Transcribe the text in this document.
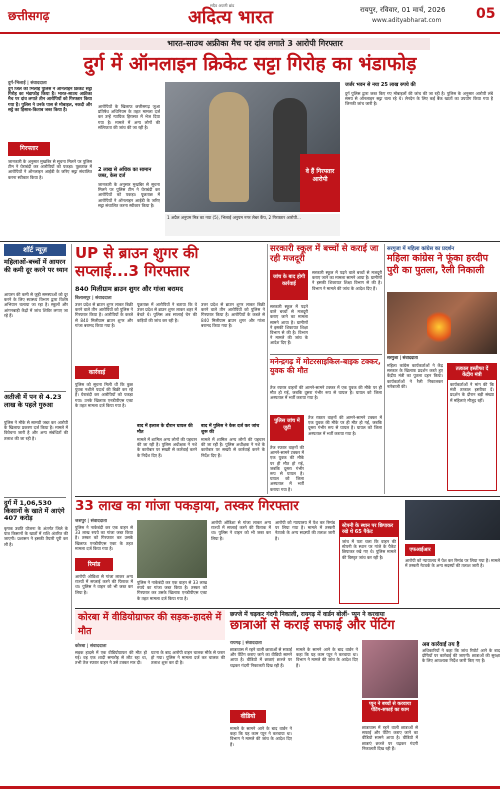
छत्तीसगढ़
सदैव अग्रणी ब्रांड
अदित्य भारत	रायपुर, रविवार, 01 मार्च, 2026
www.adityabharat.com 05
भारत-साउथ अफ्रीका मैच पर दांव लगाते 3 आरोपी गिरफ्तार
दुर्ग में ऑनलाइन क्रिकेट सट्टा गिरोह का भंडाफोड़
दुर्ग-भिलाई | संवाददाता
दुर्ग जिले की भिलाई पुलिस ने ऑनलाइन क्रिकेट सट्टा गिरोह का भंडाफोड़ किया है। भारत-साउथ अफ्रीका मैच पर दांव लगाते तीन आरोपियों को गिरफ्तार किया गया है। पुलिस ने उनके पास से मोबाइल, नकदी और सट्टे का हिसाब-किताब जब्त किया है।
गिरफ्तार
जानकारी के अनुसार मुखबिर से सूचना मिलने पर पुलिस टीम ने घेराबंदी कर आरोपियों को पकड़ा। पूछताछ में आरोपियों ने ऑनलाइन आईडी के जरिए सट्टा संचालित करना स्वीकार किया है।
आरोपियों के खिलाफ छत्तीसगढ़ जुआ प्रतिषेध अधिनियम के तहत मामला दर्ज कर उन्हें न्यायिक हिरासत में भेज दिया गया है। मामले में अन्य लोगों की संलिप्तता की जांच की जा रही है।
2 लाख से अधिक का सामान जब्त, केस दर्ज
जानकारी के अनुसार मुखबिर से सूचना मिलने पर पुलिस टीम ने घेराबंदी कर आरोपियों को पकड़ा। पूछताछ में आरोपियों ने ऑनलाइन आईडी के जरिए सट्टा संचालित करना स्वीकार किया है।
वे हैं गिरफ्तार आरोपी
1 अप्रैल अनुपम मित्र का नया (5), भिलाई अनुपम नगर लेबर कैंप, 2 गिरफ्तार आरोपी...
जर्जर भवन से नया 25 लाख रुपये की
दुर्ग पुलिस द्वारा जब्त किए गए मोबाइलों की जांच की जा रही है। पुलिस के अनुसार आरोपी लंबे समय से ऑनलाइन सट्टा चला रहे थे। लेनदेन के लिए कई बैंक खातों का उपयोग किया गया है जिनकी जांच जारी है।
शॉर्ट न्यूज़
महिलाओं-बच्चों में आयरन की कमी दूर करने पर ध्यान
आयरन की कमी से जुड़ी समस्याओं को दूर करने के लिए स्वास्थ्य विभाग द्वारा विशेष अभियान चलाया जा रहा है। स्कूलों और आंगनबाड़ी केंद्रों में जांच शिविर लगाए जा रहे हैं।
अतीजी में पन से 4.23 लाख के पहले गुरुआ
पुलिस ने मौके से सामग्री जब्त कर आरोपी के खिलाफ प्रकरण दर्ज किया है। मामले में विवेचना जारी है और अन्य संबंधितों की तलाश की जा रही है।
दुर्ग में 1,06,530 किसानों के खाते में आएंगे 407 करोड़
कृषक उन्नति योजना के अंतर्गत जिले के पात्र किसानों के खातों में राशि अंतरित की जाएगी। प्रशासन ने इसकी तैयारी पूरी कर ली है।
UP से ब्राउन शुगर की सप्लाई...3 गिरफ्तार
840 मिलीग्राम ब्राउन शुगर और गांजा बरामद
बिलासपुर | संवाददाता
उत्तर प्रदेश से ब्राउन शुगर लाकर बिक्री करने वाले तीन आरोपियों को पुलिस ने गिरफ्तार किया है। आरोपियों के कब्जे से 840 मिलीग्राम ब्राउन शुगर और गांजा बरामद किया गया है।
कार्रवाई
पुलिस को सूचना मिली थी कि कुछ युवक नशीले पदार्थ की बिक्री कर रहे हैं। घेराबंदी कर आरोपियों को पकड़ा गया। उनके खिलाफ एनडीपीएस एक्ट के तहत मामला दर्ज किया गया है।
पूछताछ में आरोपियों ने बताया कि वे उत्तर प्रदेश से ब्राउन शुगर लाकर शहर में बेचते थे। पुलिस अब सप्लाई चेन की कड़ियों की जांच कर रही है।
बाद में इलाज के दौरान घायल की मौत
मामले में शामिल अन्य लोगों की पहचान की जा रही है। पुलिस अधीक्षक ने नशे के कारोबार पर सख्ती से कार्रवाई करने के निर्देश दिए हैं।
उत्तर प्रदेश से ब्राउन शुगर लाकर बिक्री करने वाले तीन आरोपियों को पुलिस ने गिरफ्तार किया है। आरोपियों के कब्जे से 840 मिलीग्राम ब्राउन शुगर और गांजा बरामद किया गया है।
बाद में पुलिस ने केस दर्ज कर जांच शुरू की
मामले में शामिल अन्य लोगों की पहचान की जा रही है। पुलिस अधीक्षक ने नशे के कारोबार पर सख्ती से कार्रवाई करने के निर्देश दिए हैं।
सरकारी स्कूल में बच्चों से कराई जा रही मजदूरी
जांच के बाद होगी कार्रवाई
सरकारी स्कूल में पढ़ने वाले बच्चों से मजदूरी कराए जाने का मामला सामने आया है। ग्रामीणों ने इसकी शिकायत शिक्षा विभाग से की है। विभाग ने मामले की जांच के आदेश दिए हैं।
सरकारी स्कूल में पढ़ने वाले बच्चों से मजदूरी कराए जाने का मामला सामने आया है। ग्रामीणों ने इसकी शिकायत शिक्षा विभाग से की है। विभाग ने मामले की जांच के आदेश दिए हैं।
मनेन्द्रगढ़ में मोटरसाइकिल-बाइक टक्कर, युवक की मौत
तेज रफ्तार वाहनों की आमने-सामने टक्कर में एक युवक की मौके पर ही मौत हो गई, जबकि दूसरा गंभीर रूप से घायल है। घायल को जिला अस्पताल में भर्ती कराया गया है।
पुलिस जांच में जुटी
तेज रफ्तार वाहनों की आमने-सामने टक्कर में एक युवक की मौके पर ही मौत हो गई, जबकि दूसरा गंभीर रूप से घायल है। घायल को जिला अस्पताल में भर्ती कराया गया है।
तेज रफ्तार वाहनों की आमने-सामने टक्कर में एक युवक की मौके पर ही मौत हो गई, जबकि दूसरा गंभीर रूप से घायल है। घायल को जिला अस्पताल में भर्ती कराया गया है।
सरगुजा में महिला कांग्रेस का प्रदर्शन
महिला कांग्रेस ने फूंका हरदीप पुरी का पुतला, रैली निकाली
सरगुजा | संवाददाता
महिला कांग्रेस कार्यकर्ताओं ने केंद्र सरकार के खिलाफ प्रदर्शन करते हुए केंद्रीय मंत्री का पुतला दहन किया। कार्यकर्ताओं ने रैली निकालकर नारेबाजी की।
तत्काल इस्तीफा दें केंद्रीय मंत्री
कार्यकर्ताओं ने मांग की कि मंत्री तत्काल इस्तीफा दें। प्रदर्शन के दौरान बड़ी संख्या में महिलाएं मौजूद रहीं।
33 लाख का गांजा पकड़ाया, तस्कर गिरफ्तार
जशपुर | संवाददाता
पुलिस ने नाकेबंदी कर एक वाहन से 33 लाख रुपये का गांजा जब्त किया है। तस्कर को गिरफ्तार कर उसके खिलाफ एनडीपीएस एक्ट के तहत मामला दर्ज किया गया है।
रिमांड
आरोपी ओडिशा से गांजा लाकर अन्य राज्यों में सप्लाई करने की फिराक में था। पुलिस ने वाहन को भी जब्त कर लिया है।
पुलिस ने नाकेबंदी कर एक वाहन से 33 लाख रुपये का गांजा जब्त किया है। तस्कर को गिरफ्तार कर उसके खिलाफ एनडीपीएस एक्ट के तहत मामला दर्ज किया गया है।
आरोपी ओडिशा से गांजा लाकर अन्य राज्यों में सप्लाई करने की फिराक में था। पुलिस ने वाहन को भी जब्त कर लिया है।
आरोपी को न्यायालय में पेश कर रिमांड पर लिया गया है। मामले में तस्करी नेटवर्क के अन्य सदस्यों की तलाश जारी है।
स्टेपनी के स्थान पर छिपाकर रखे थे 65 पैकेट
जांच में पता चला कि वाहन की स्टेपनी के स्थान पर गांजे के पैकेट छिपाकर रखे गए थे। पुलिस मामले की विस्तृत जांच कर रही है।
एफआईआर
आरोपी को न्यायालय में पेश कर रिमांड पर लिया गया है। मामले में तस्करी नेटवर्क के अन्य सदस्यों की तलाश जारी है।
कोरबा में वीडियोग्राफर की सड़क-हादसे में मौत
कोरबा | संवाददाता
सड़क हादसे में एक वीडियोग्राफर की मौत हो गई। वह एक शादी समारोह से लौट रहा था, तभी तेज रफ्तार वाहन ने उसे टक्कर मार दी।
घटना के बाद आरोपी वाहन चालक मौके से फरार हो गया। पुलिस ने मामला दर्ज कर चालक की तलाश शुरू कर दी है।
छज्जे में चढ़कर गंदगी निकाली, रायगढ़ में वार्डन बोलीं- प्यून ने करवाया
छात्राओं से कराई सफाई और पेंटिंग
रायगढ़ | संवाददाता
छात्रावास में रहने वाली छात्राओं से सफाई और पेंटिंग कराए जाने का वीडियो सामने आया है। वीडियो में छात्राएं छज्जे पर चढ़कर गंदगी निकालती दिख रही हैं।
वीडियो
मामले के सामने आने के बाद वार्डन ने कहा कि यह काम प्यून ने करवाया था। विभाग ने मामले की जांच के आदेश दिए हैं।
मामले के सामने आने के बाद वार्डन ने कहा कि यह काम प्यून ने करवाया था। विभाग ने मामले की जांच के आदेश दिए हैं।
प्यून ने बच्चों से करवाया पेंटिंग-सफाई का काम
छात्रावास में रहने वाली छात्राओं से सफाई और पेंटिंग कराए जाने का वीडियो सामने आया है। वीडियो में छात्राएं छज्जे पर चढ़कर गंदगी निकालती दिख रही हैं।
अब कार्रवाई तय है
अधिकारियों ने कहा कि जांच रिपोर्ट आने के बाद दोषियों पर कार्रवाई की जाएगी। छात्राओं की सुरक्षा के लिए आवश्यक निर्देश जारी किए गए हैं।
